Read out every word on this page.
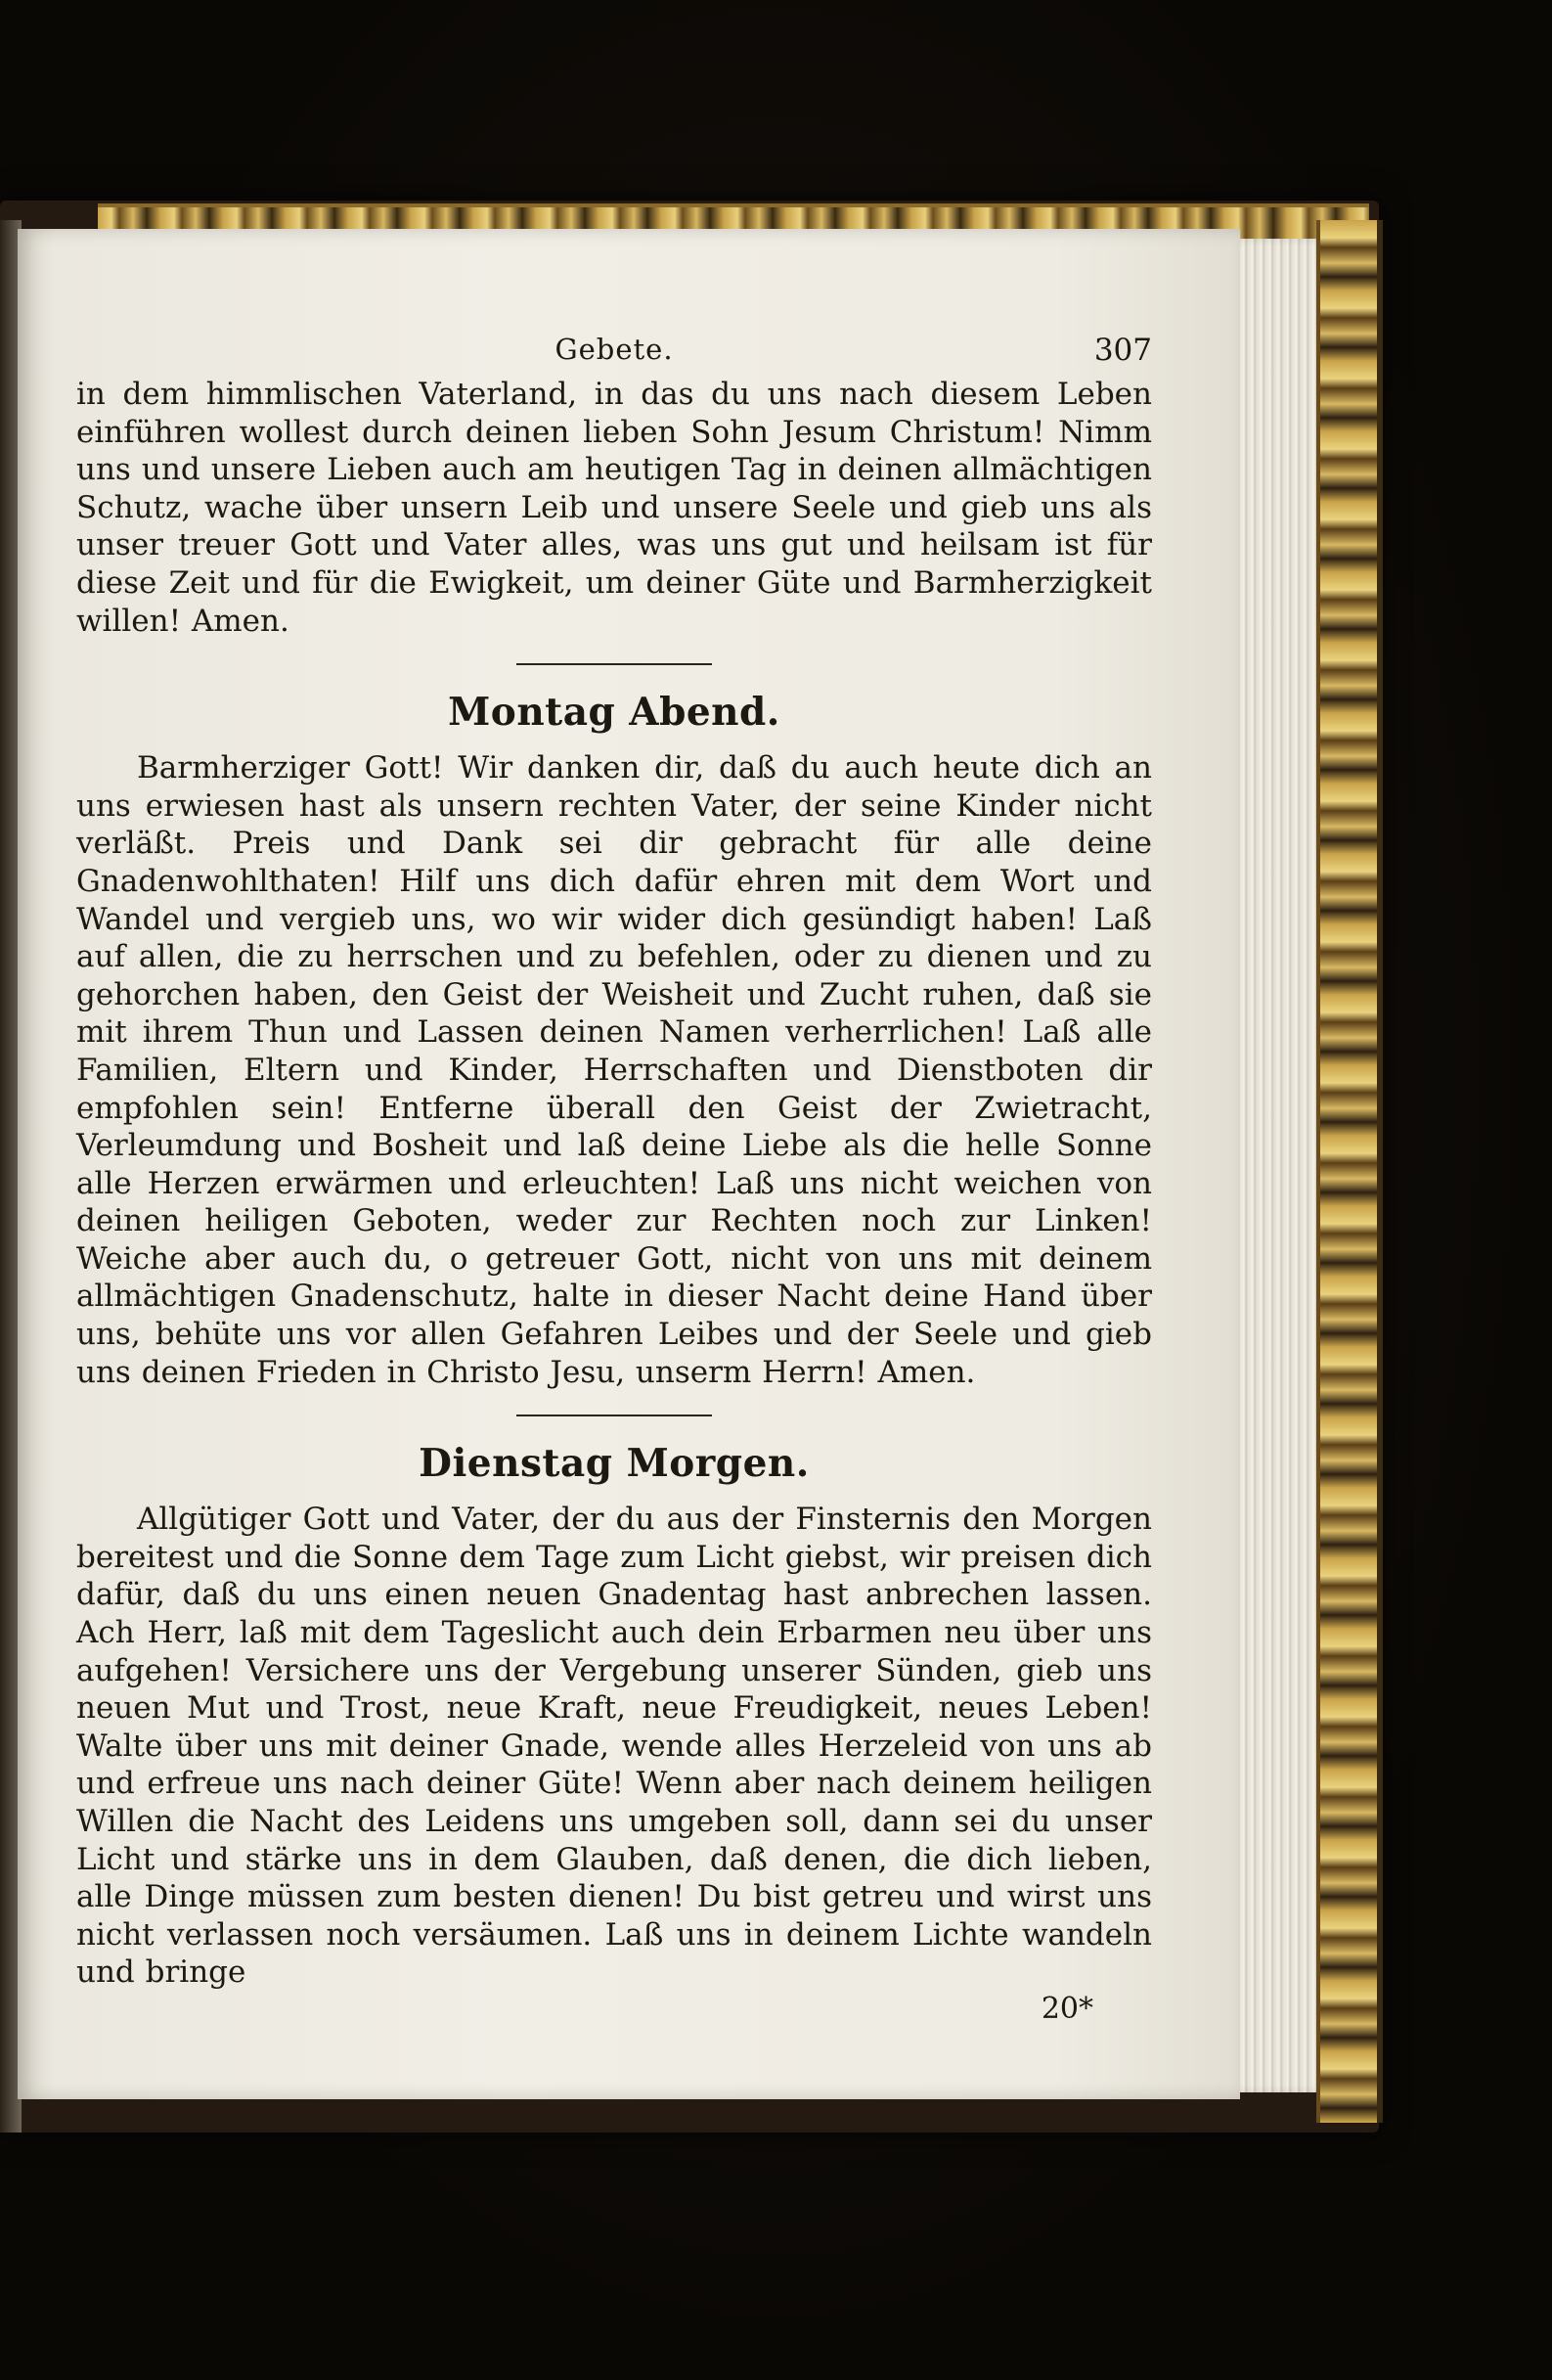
Gebete.	307

in dem himmlischen Vaterland, in das du uns nach diesem Leben einführen wollest durch deinen lieben Sohn Jesum Christum! Nimm uns und unsere Lieben auch am heutigen Tag in deinen allmächtigen Schutz, wache über unsern Leib und unsere Seele und gieb uns als unser treuer Gott und Vater alles, was uns gut und heilsam ist für diese Zeit und für die Ewigkeit, um deiner Güte und Barmherzigkeit willen! Amen.

Montag Abend.

Barmherziger Gott! Wir danken dir, daß du auch heute dich an uns erwiesen hast als unsern rechten Vater, der seine Kinder nicht verläßt. Preis und Dank sei dir gebracht für alle deine Gnadenwohlthaten! Hilf uns dich dafür ehren mit dem Wort und Wandel und vergieb uns, wo wir wider dich gesündigt haben! Laß auf allen, die zu herrschen und zu befehlen, oder zu dienen und zu gehorchen haben, den Geist der Weisheit und Zucht ruhen, daß sie mit ihrem Thun und Lassen deinen Namen verherrlichen! Laß alle Familien, Eltern und Kinder, Herrschaften und Dienstboten dir empfohlen sein! Entferne überall den Geist der Zwietracht, Verleumdung und Bosheit und laß deine Liebe als die helle Sonne alle Herzen erwärmen und erleuchten! Laß uns nicht weichen von deinen heiligen Geboten, weder zur Rechten noch zur Linken! Weiche aber auch du, o getreuer Gott, nicht von uns mit deinem allmächtigen Gnadenschutz, halte in dieser Nacht deine Hand über uns, behüte uns vor allen Gefahren Leibes und der Seele und gieb uns deinen Frieden in Christo Jesu, unserm Herrn! Amen.

Dienstag Morgen.

Allgütiger Gott und Vater, der du aus der Finsternis den Morgen bereitest und die Sonne dem Tage zum Licht giebst, wir preisen dich dafür, daß du uns einen neuen Gnadentag hast anbrechen lassen. Ach Herr, laß mit dem Tageslicht auch dein Erbarmen neu über uns aufgehen! Versichere uns der Vergebung unserer Sünden, gieb uns neuen Mut und Trost, neue Kraft, neue Freudigkeit, neues Leben! Walte über uns mit deiner Gnade, wende alles Herzeleid von uns ab und erfreue uns nach deiner Güte! Wenn aber nach deinem heiligen Willen die Nacht des Leidens uns umgeben soll, dann sei du unser Licht und stärke uns in dem Glauben, daß denen, die dich lieben, alle Dinge müssen zum besten dienen! Du bist getreu und wirst uns nicht verlassen noch versäumen. Laß uns in deinem Lichte wandeln und bringe

20*
